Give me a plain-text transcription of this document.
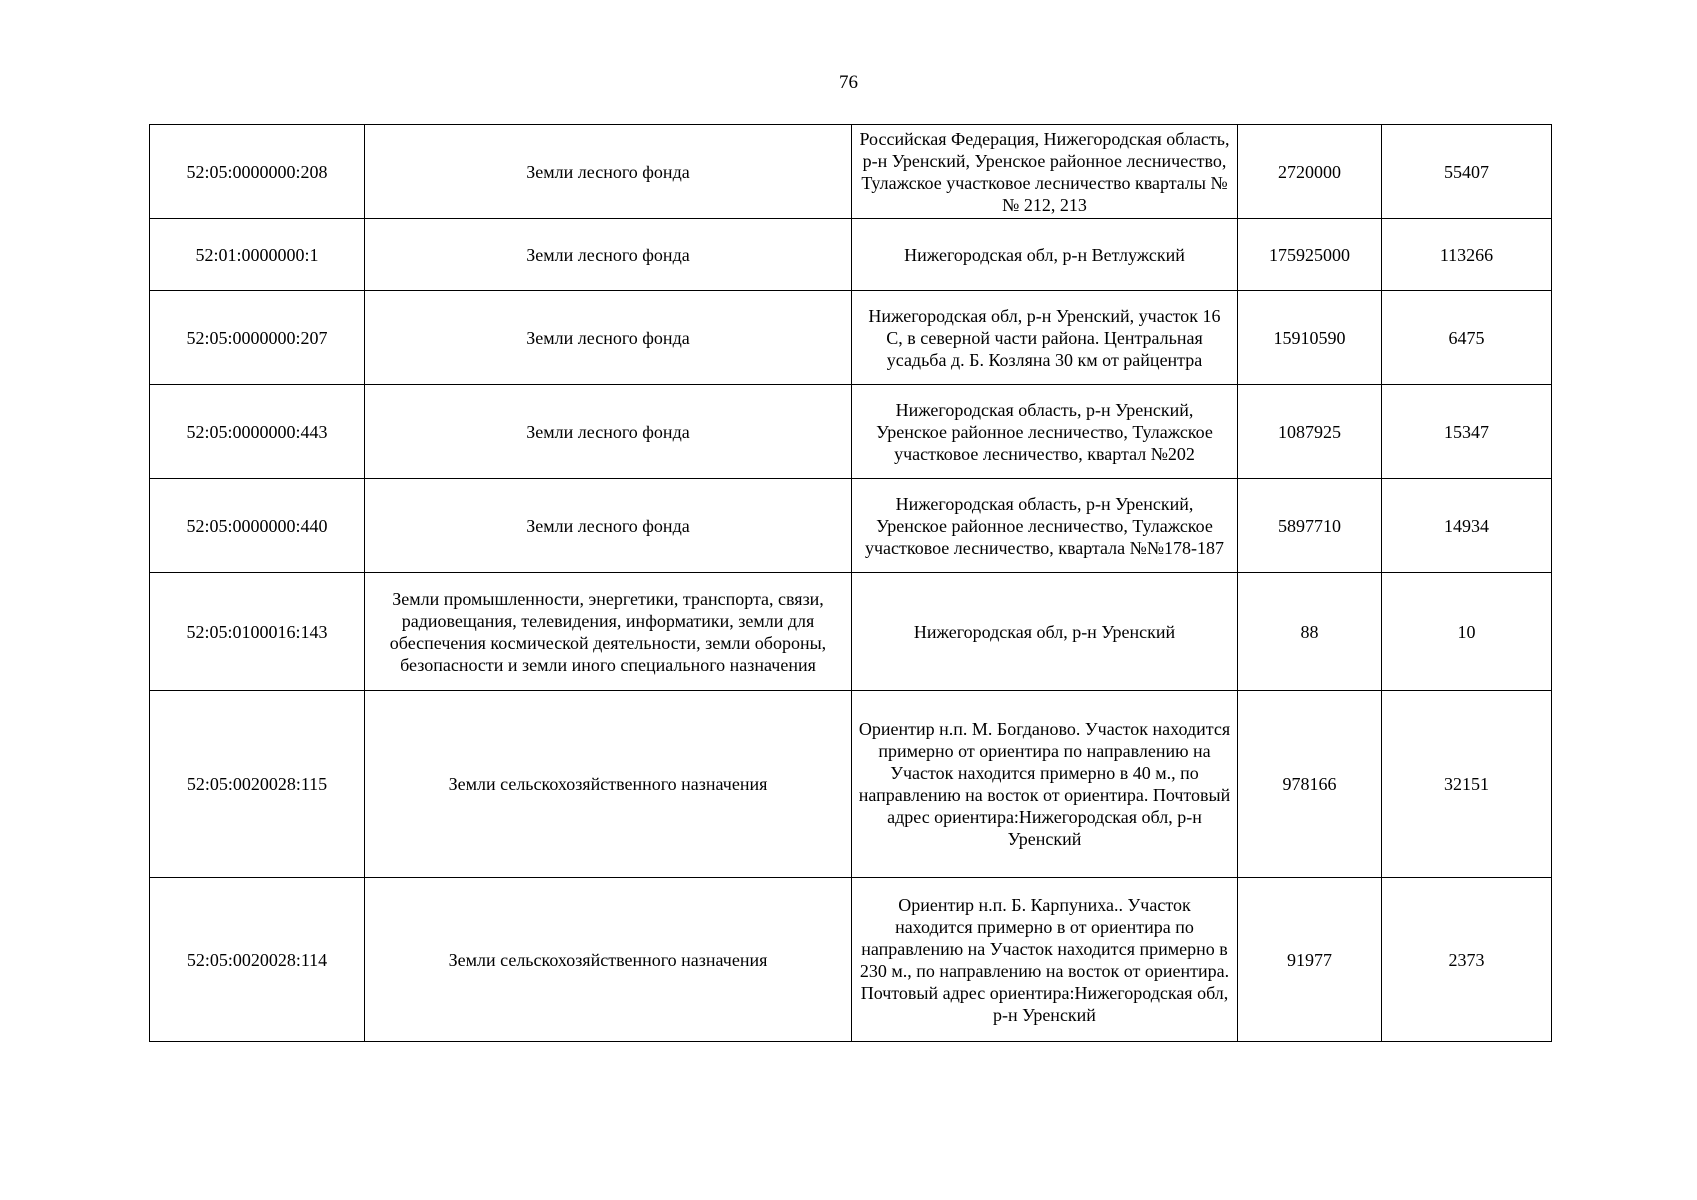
76
52:05:0000000:208	Земли лесного фонда	Российская Федерация, Нижегородская область, р-н Уренский, Уренское районное лесничество, Тулажское участковое лесничество кварталы №№ 212, 213	2720000	55407
52:01:0000000:1	Земли лесного фонда	Нижегородская обл, р-н Ветлужский	175925000	113266
52:05:0000000:207	Земли лесного фонда	Нижегородская обл, р-н Уренский, участок 16 С, в северной части района. Центральная усадьба д. Б. Козляна 30 км от райцентра	15910590	6475
52:05:0000000:443	Земли лесного фонда	Нижегородская область, р-н Уренский, Уренское районное лесничество, Тулажское участковое лесничество, квартал №202	1087925	15347
52:05:0000000:440	Земли лесного фонда	Нижегородская область, р-н Уренский, Уренское районное лесничество, Тулажское участковое лесничество, квартала №№178-187	5897710	14934
52:05:0100016:143	Земли промышленности, энергетики, транспорта, связи, радиовещания, телевидения, информатики, земли для обеспечения космической деятельности, земли обороны, безопасности и земли иного специального назначения	Нижегородская обл, р-н Уренский	88	10
52:05:0020028:115	Земли сельскохозяйственного назначения	Ориентир н.п. М. Богданово. Участок находится примерно от ориентира по направлению на Участок находится примерно в 40 м., по направлению на восток от ориентира. Почтовый адрес ориентира:Нижегородская обл, р-н Уренский	978166	32151
52:05:0020028:114	Земли сельскохозяйственного назначения	Ориентир н.п. Б. Карпуниха.. Участок находится примерно в от ориентира по направлению на Участок находится примерно в 230 м., по направлению на восток от ориентира. Почтовый адрес ориентира:Нижегородская обл, р-н Уренский	91977	2373
